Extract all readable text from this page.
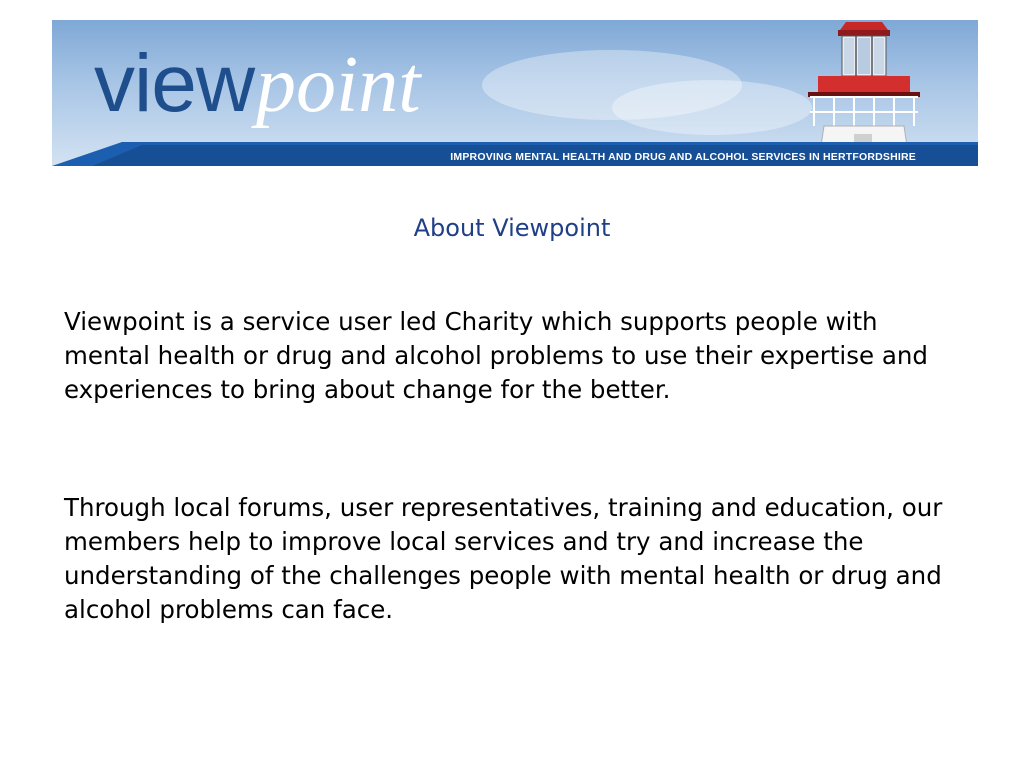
viewpoint
IMPROVING MENTAL HEALTH AND DRUG AND ALCOHOL SERVICES IN HERTFORDSHIRE
About Viewpoint

Viewpoint is a service user led Charity which supports people with mental health or drug and alcohol problems to use their expertise and experiences to bring about change for the better.

Through local forums, user representatives, training and education, our members help to improve local services and try and increase the understanding of the challenges people with mental health or drug and alcohol problems can face.
